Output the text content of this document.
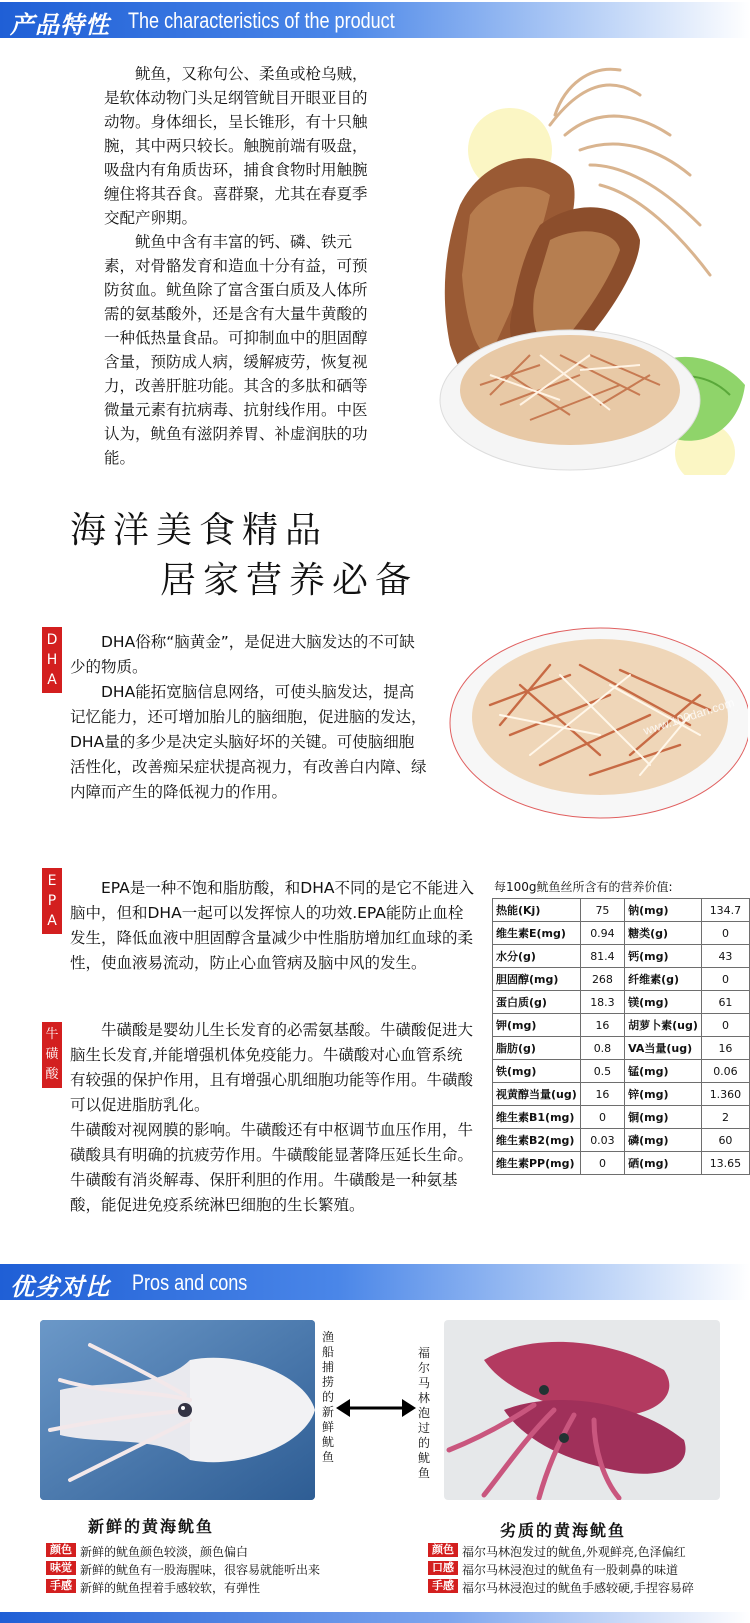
产品特性 The characteristics of the product

鱿鱼，又称句公、柔鱼或枪乌贼，是软体动物门头足纲管鱿目开眼亚目的动物。身体细长，呈长锥形，有十只触腕，其中两只较长。触腕前端有吸盘，吸盘内有角质齿环，捕食食物时用触腕缠住将其吞食。喜群聚，尤其在春夏季交配产卵期。

鱿鱼中含有丰富的钙、磷、铁元素，对骨骼发育和造血十分有益，可预防贫血。鱿鱼除了富含蛋白质及人体所需的氨基酸外，还是含有大量牛黄酸的一种低热量食品。可抑制血中的胆固醇含量，预防成人病，缓解疲劳，恢复视力，改善肝脏功能。其含的多肽和硒等微量元素有抗病毒、抗射线作用。中医认为，鱿鱼有滋阴养胃、补虚润肤的功能。

海洋美食精品
居家营养必备
D
H
A

DHA俗称“脑黄金”，是促进大脑发达的不可缺少的物质。

DHA能拓宽脑信息网络，可使头脑发达，提高记忆能力，还可增加胎儿的脑细胞，促进脑的发达，DHA量的多少是决定头脑好坏的关键。可使脑细胞活性化，改善痴呆症状提高视力，有改善白内障、绿内障而产生的降低视力的作用。

www.100dan.com
E
P
A
EPA是一种不饱和脂肪酸，和DHA不同的是它不能进入脑中，但和DHA一起可以发挥惊人的功效.EPA能防止血栓发生，降低血液中胆固醇含量减少中性脂肪增加红血球的柔性，使血液易流动，防止心血管病及脑中风的发生。
牛
磺
酸

牛磺酸是婴幼儿生长发育的必需氨基酸。牛磺酸促进大脑生长发育,并能增强机体免疫能力。牛磺酸对心血管系统有较强的保护作用，且有增强心肌细胞功能等作用。牛磺酸可以促进脂肪乳化。

牛磺酸对视网膜的影响。牛磺酸还有中枢调节血压作用，牛磺酸具有明确的抗疲劳作用。牛磺酸能显著降压延长生命。牛磺酸有消炎解毒、保肝利胆的作用。牛磺酸是一种氨基酸，能促进免疫系统淋巴细胞的生长繁殖。

每100g鱿鱼丝所含有的营养价值:
热能(Kj)	75	钠(mg)	134.7
维生素E(mg)	0.94	糖类(g)	0
水分(g)	81.4	钙(mg)	43
胆固醇(mg)	268	纤维素(g)	0
蛋白质(g)	18.3	镁(mg)	61
钾(mg)	16	胡萝卜素(ug)	0
脂肪(g)	0.8	VA当量(ug)	16
铁(mg)	0.5	锰(mg)	0.06
视黄醇当量(ug)	16	锌(mg)	1.360
维生素B1(mg)	0	铜(mg)	2
维生素B2(mg)	0.03	磷(mg)	60
维生素PP(mg)	0	硒(mg)	13.65
优劣对比 Pros and cons
渔船捕捞的新鲜鱿鱼
福尔马林泡过的鱿鱼
新鲜的黄海鱿鱼	劣质的黄海鱿鱼
颜色 新鲜的鱿鱼颜色较淡，颜色偏白
味觉 新鲜的鱿鱼有一股海腥味，很容易就能听出来
手感 新鲜的鱿鱼捏着手感较软，有弹性
颜色 福尔马林泡发过的鱿鱼,外观鲜亮,色泽偏红
口感 福尔马林浸泡过的鱿鱼有一股刺鼻的味道
手感 福尔马林浸泡过的鱿鱼手感较硬,手捏容易碎
